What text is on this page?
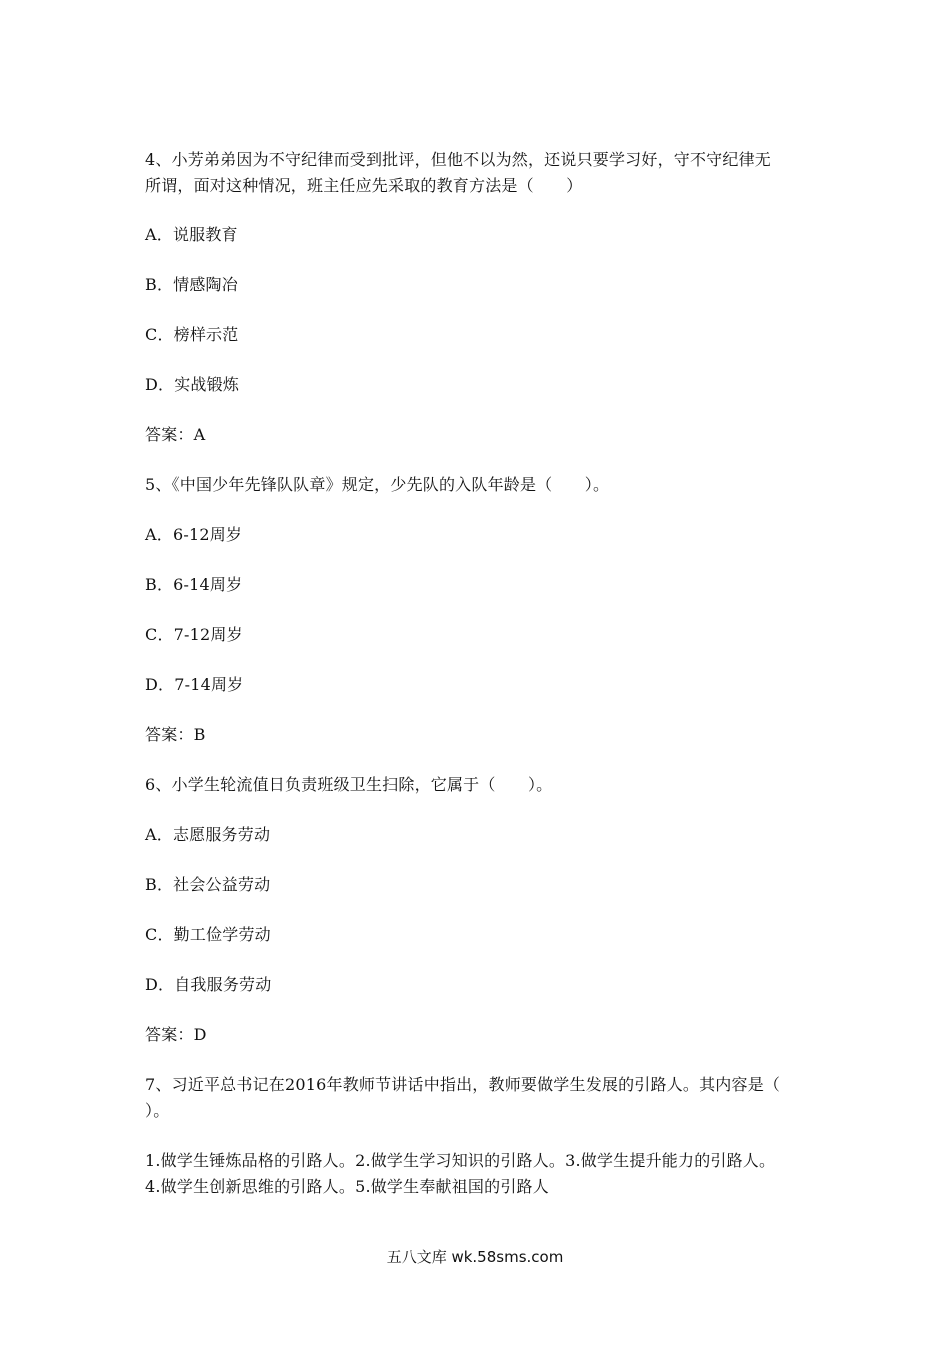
4、小芳弟弟因为不守纪律而受到批评，但他不以为然，还说只要学习好，守不守纪律无
所谓，面对这种情况，班主任应先采取的教育方法是（　　）
A．说服教育
B．情感陶冶
C．榜样示范
D．实战锻炼
答案：A
5、《中国少年先锋队队章》规定，少先队的入队年龄是（　　）。
A．6-12周岁
B．6-14周岁
C．7-12周岁
D．7-14周岁
答案：B
6、小学生轮流值日负责班级卫生扫除，它属于（　　）。
A．志愿服务劳动
B．社会公益劳动
C．勤工俭学劳动
D．自我服务劳动
答案：D
7、习近平总书记在2016年教师节讲话中指出，教师要做学生发展的引路人。其内容是（
）。
1.做学生锤炼品格的引路人。2.做学生学习知识的引路人。3.做学生提升能力的引路人。
4.做学生创新思维的引路人。5.做学生奉献祖国的引路人
五八文库 wk.58sms.com
